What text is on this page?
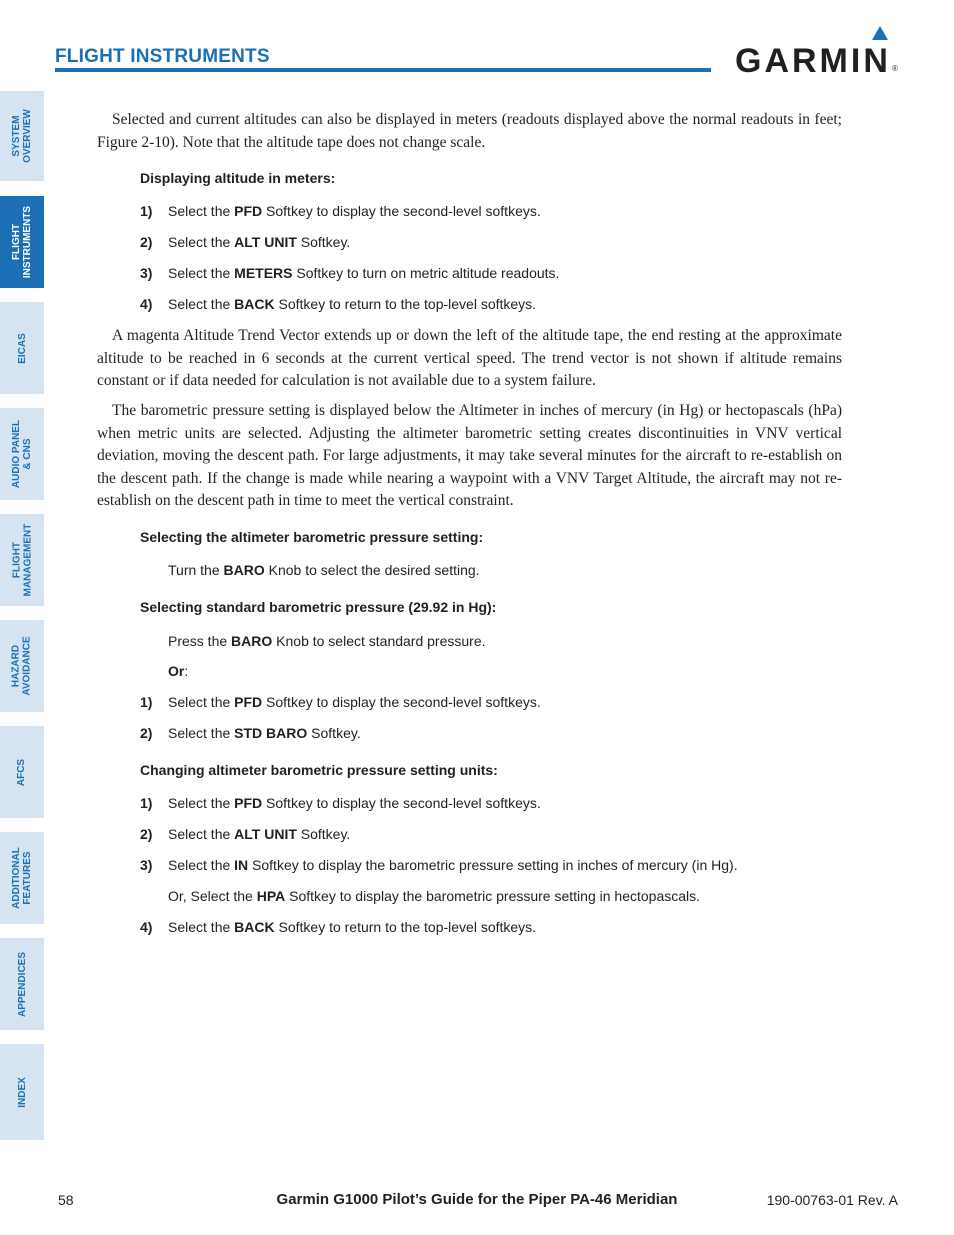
FLIGHT INSTRUMENTS	GARMIN ®
SYSTEM
OVERVIEW
FLIGHT
INSTRUMENTS
EICAS
AUDIO PANEL
& CNS
FLIGHT
MANAGEMENT
HAZARD
AVOIDANCE
AFCS
ADDITIONAL
FEATURES
APPENDICES
INDEX
Selected and current altitudes can also be displayed in meters (readouts displayed above the normal readouts in feet; Figure 2-10). Note that the altitude tape does not change scale.
Displaying altitude in meters:
1) Select the PFD Softkey to display the second-level softkeys.
2) Select the ALT UNIT Softkey.
3) Select the METERS Softkey to turn on metric altitude readouts.
4) Select the BACK Softkey to return to the top-level softkeys.
A magenta Altitude Trend Vector extends up or down the left of the altitude tape, the end resting at the approximate altitude to be reached in 6 seconds at the current vertical speed. The trend vector is not shown if altitude remains constant or if data needed for calculation is not available due to a system failure.
The barometric pressure setting is displayed below the Altimeter in inches of mercury (in Hg) or hectopascals (hPa) when metric units are selected. Adjusting the altimeter barometric setting creates discontinuities in VNV vertical deviation, moving the descent path. For large adjustments, it may take several minutes for the aircraft to re-establish on the descent path. If the change is made while nearing a waypoint with a VNV Target Altitude, the aircraft may not re-establish on the descent path in time to meet the vertical constraint.
Selecting the altimeter barometric pressure setting:
Turn the BARO Knob to select the desired setting.
Selecting standard barometric pressure (29.92 in Hg):
Press the BARO Knob to select standard pressure.
Or:
1) Select the PFD Softkey to display the second-level softkeys.
2) Select the STD BARO Softkey.
Changing altimeter barometric pressure setting units:
1) Select the PFD Softkey to display the second-level softkeys.
2) Select the ALT UNIT Softkey.
3) Select the IN Softkey to display the barometric pressure setting in inches of mercury (in Hg).
Or, Select the HPA Softkey to display the barometric pressure setting in hectopascals.
4) Select the BACK Softkey to return to the top-level softkeys.
58	Garmin G1000 Pilot’s Guide for the Piper PA-46 Meridian	190-00763-01 Rev. A
